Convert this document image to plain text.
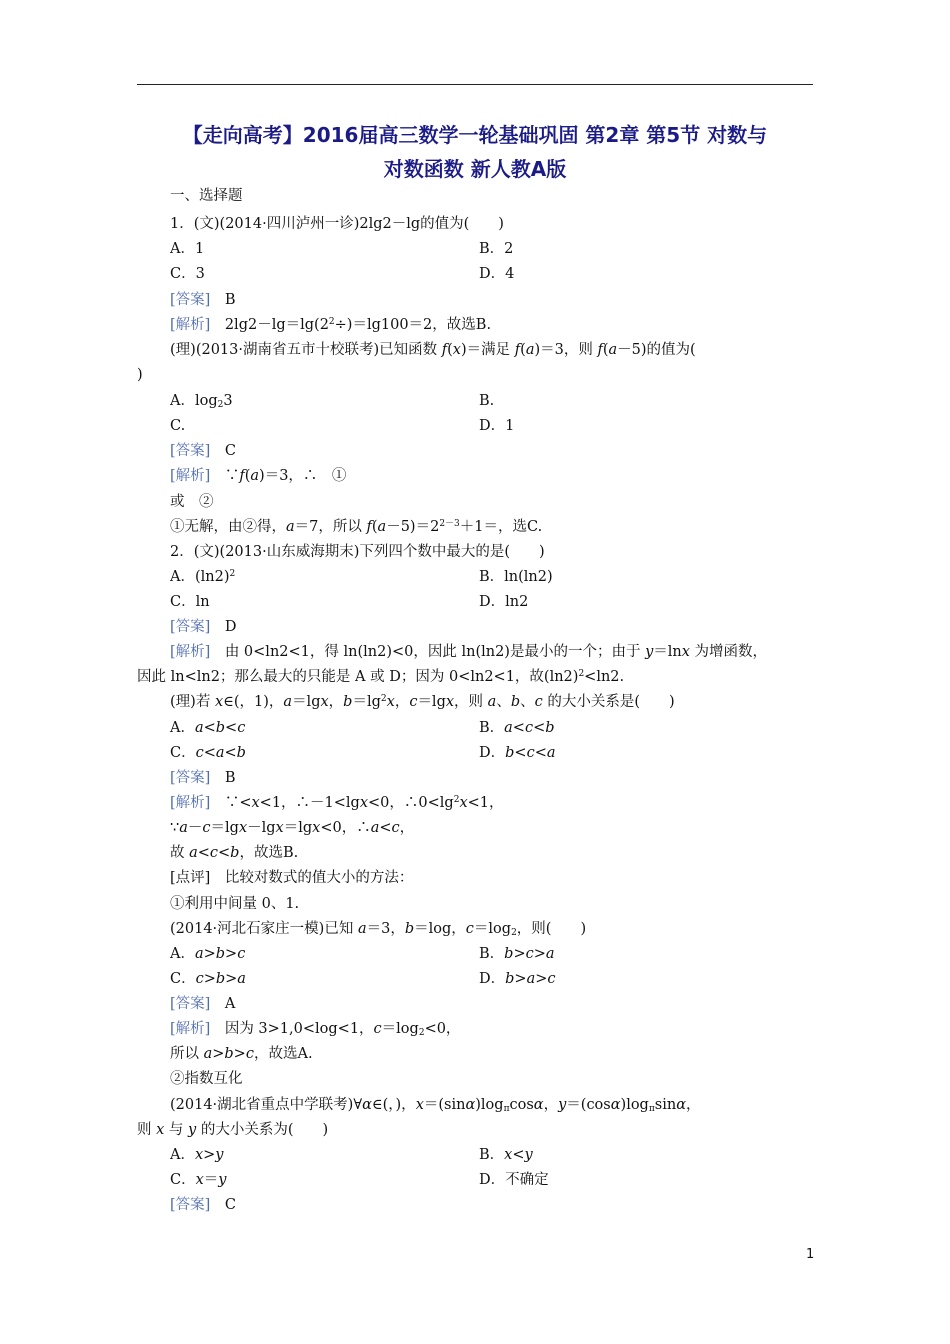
【走向高考】2016届高三数学一轮基础巩固 第2章 第5节 对数与
对数函数 新人教A版
一、选择题
1．(文)(2014·四川泸州一诊)2lg2－lg的值为(　　)
A．1	B．2
C．3	D．4
[答案]　 B
[解析]　 $2\lg 2-\lg=\lg(2^2\div)=\lg 100=2$，故选B.
(理)(2013·湖南省五市十校联考)已知函数 f(x)＝满足 f(a)＝3，则 f(a－5)的值为(
)
A．$\log_23$	B.
C.	D．1
[答案]　 C
[解析]　 ∵f(a)＝3，∴　①
或　②
①无解，由②得，a＝7，所以 $f(a-5)=2^{2-3}+1=$，选C.
2．(文)(2013·山东威海期末)下列四个数中最大的是(　　)
A．$(\ln 2)^2$	B．ln(ln2)
C．ln	D．ln2
[答案]　 D
[解析]　 由 0<ln2<1，得 ln(ln2)<0，因此 ln(ln2)是最小的一个；由于 y＝lnx 为增函数，
因此 ln<ln2；那么最大的只能是 A 或 D；因为 0<ln2<1，故$(\ln 2)^2<\ln 2$.
(理)若 x∈(，1)，a＝lgx，$b=\lg^2x$，c＝lgx，则 a、b、c 的大小关系是(　　)
A．a<b<c	B．a<c<b
C．c<a<b	D．b<c<a
[答案]　 B
[解析]　 ∵<x<1，∴－1<lgx<0，$\therefore 0<\lg^2x<1$，
∵a－c＝lgx－lgx＝lgx<0，∴a<c，
故 a<c<b，故选B.
[点评]　 比较对数式的值大小的方法：
①利用中间量 0、1.
(2014·河北石家庄一模)已知 a＝3，b＝log，$c=\log_2$，则(　　)
A．a>b>c	B．b>c>a
C．c>b>a	D．b>a>c
[答案]　 A
[解析]　 因为 3>1,0<log<1，$c=\log_2<0$，
所以 a>b>c，故选A.
②指数互化
(2014·湖北省重点中学联考)∀α∈(，)，$x=(\sin\alpha)\log_\pi\cos\alpha$，$y=(\cos\alpha)\log_\pi\sin\alpha$，
则 x 与 y 的大小关系为(　　)
A．x>y	B．x<y
C．x＝y	D．不确定
[答案]　 C
1
